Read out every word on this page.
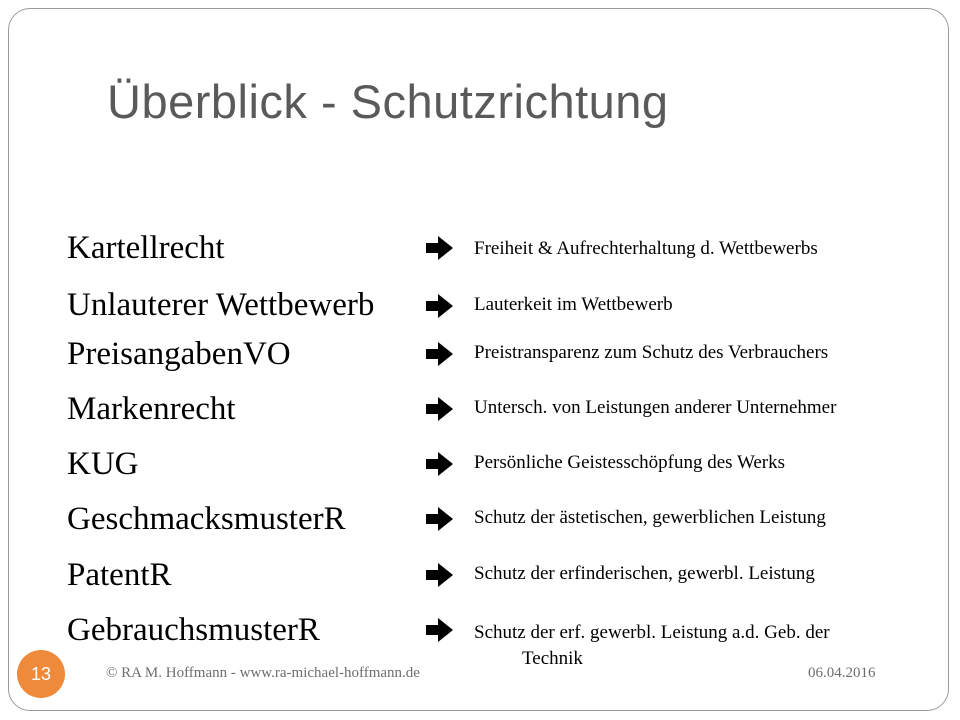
Überblick - Schutzrichtung
Kartellrecht	Freiheit & Aufrechterhaltung d. Wettbewerbs
Unlauterer Wettbewerb	Lauterkeit im Wettbewerb
PreisangabenVO	Preistransparenz zum Schutz des Verbrauchers
Markenrecht	Untersch. von Leistungen anderer Unternehmer
KUG	Persönliche Geistesschöpfung des Werks
GeschmacksmusterR	Schutz der ästetischen, gewerblichen Leistung
PatentR	Schutz der erfinderischen, gewerbl. Leistung
GebrauchsmusterR	Schutz der erf. gewerbl. Leistung a.d. Geb. der
Technik
13	© RA M. Hoffmann - www.ra-michael-hoffmann.de	06.04.2016
